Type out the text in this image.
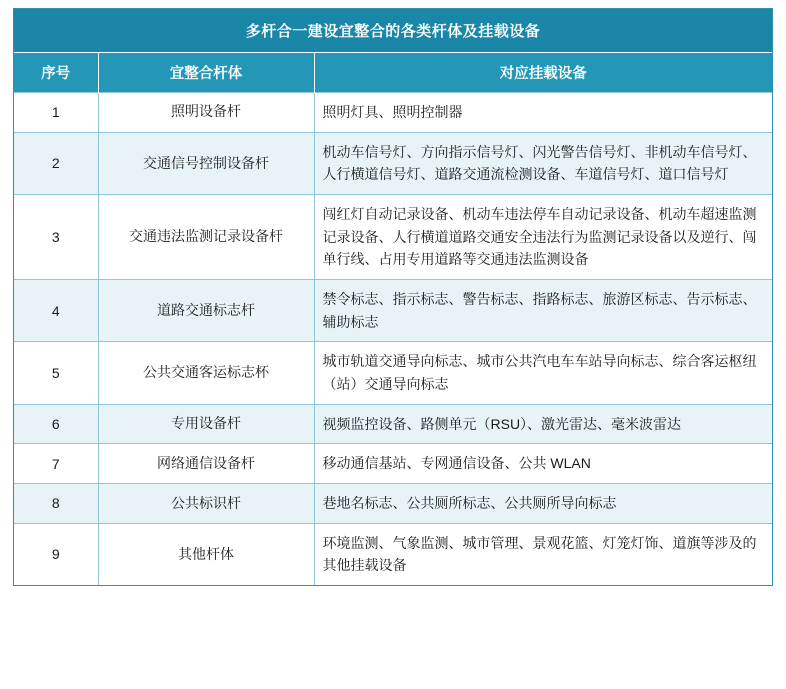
多杆合一建设宜整合的各类杆体及挂载设备		
序号	宜整合杆体	对应挂载设备
1	照明设备杆	照明灯具、照明控制器
2	交通信号控制设备杆	机动车信号灯、方向指示信号灯、闪光警告信号灯、非机动车信号灯、人行横道信号灯、道路交通流检测设备、车道信号灯、道口信号灯
3	交通违法监测记录设备杆	闯红灯自动记录设备、机动车违法停车自动记录设备、机动车超速监测记录设备、人行横道道路交通安全违法行为监测记录设备以及逆行、闯单行线、占用专用道路等交通违法监测设备
4	道路交通标志杆	禁令标志、指示标志、警告标志、指路标志、旅游区标志、告示标志、辅助标志
5	公共交通客运标志杯	城市轨道交通导向标志、城市公共汽电车车站导向标志、综合客运枢纽（站）交通导向标志
6	专用设备杆	视频监控设备、路侧单元（RSU）、激光雷达、毫米波雷达
7	网络通信设备杆	移动通信基站、专网通信设备、公共 WLAN
8	公共标识杆	巷地名标志、公共厕所标志、公共厕所导向标志
9	其他杆体	环境监测、气象监测、城市管理、景观花篮、灯笼灯饰、道旗等涉及的其他挂载设备
